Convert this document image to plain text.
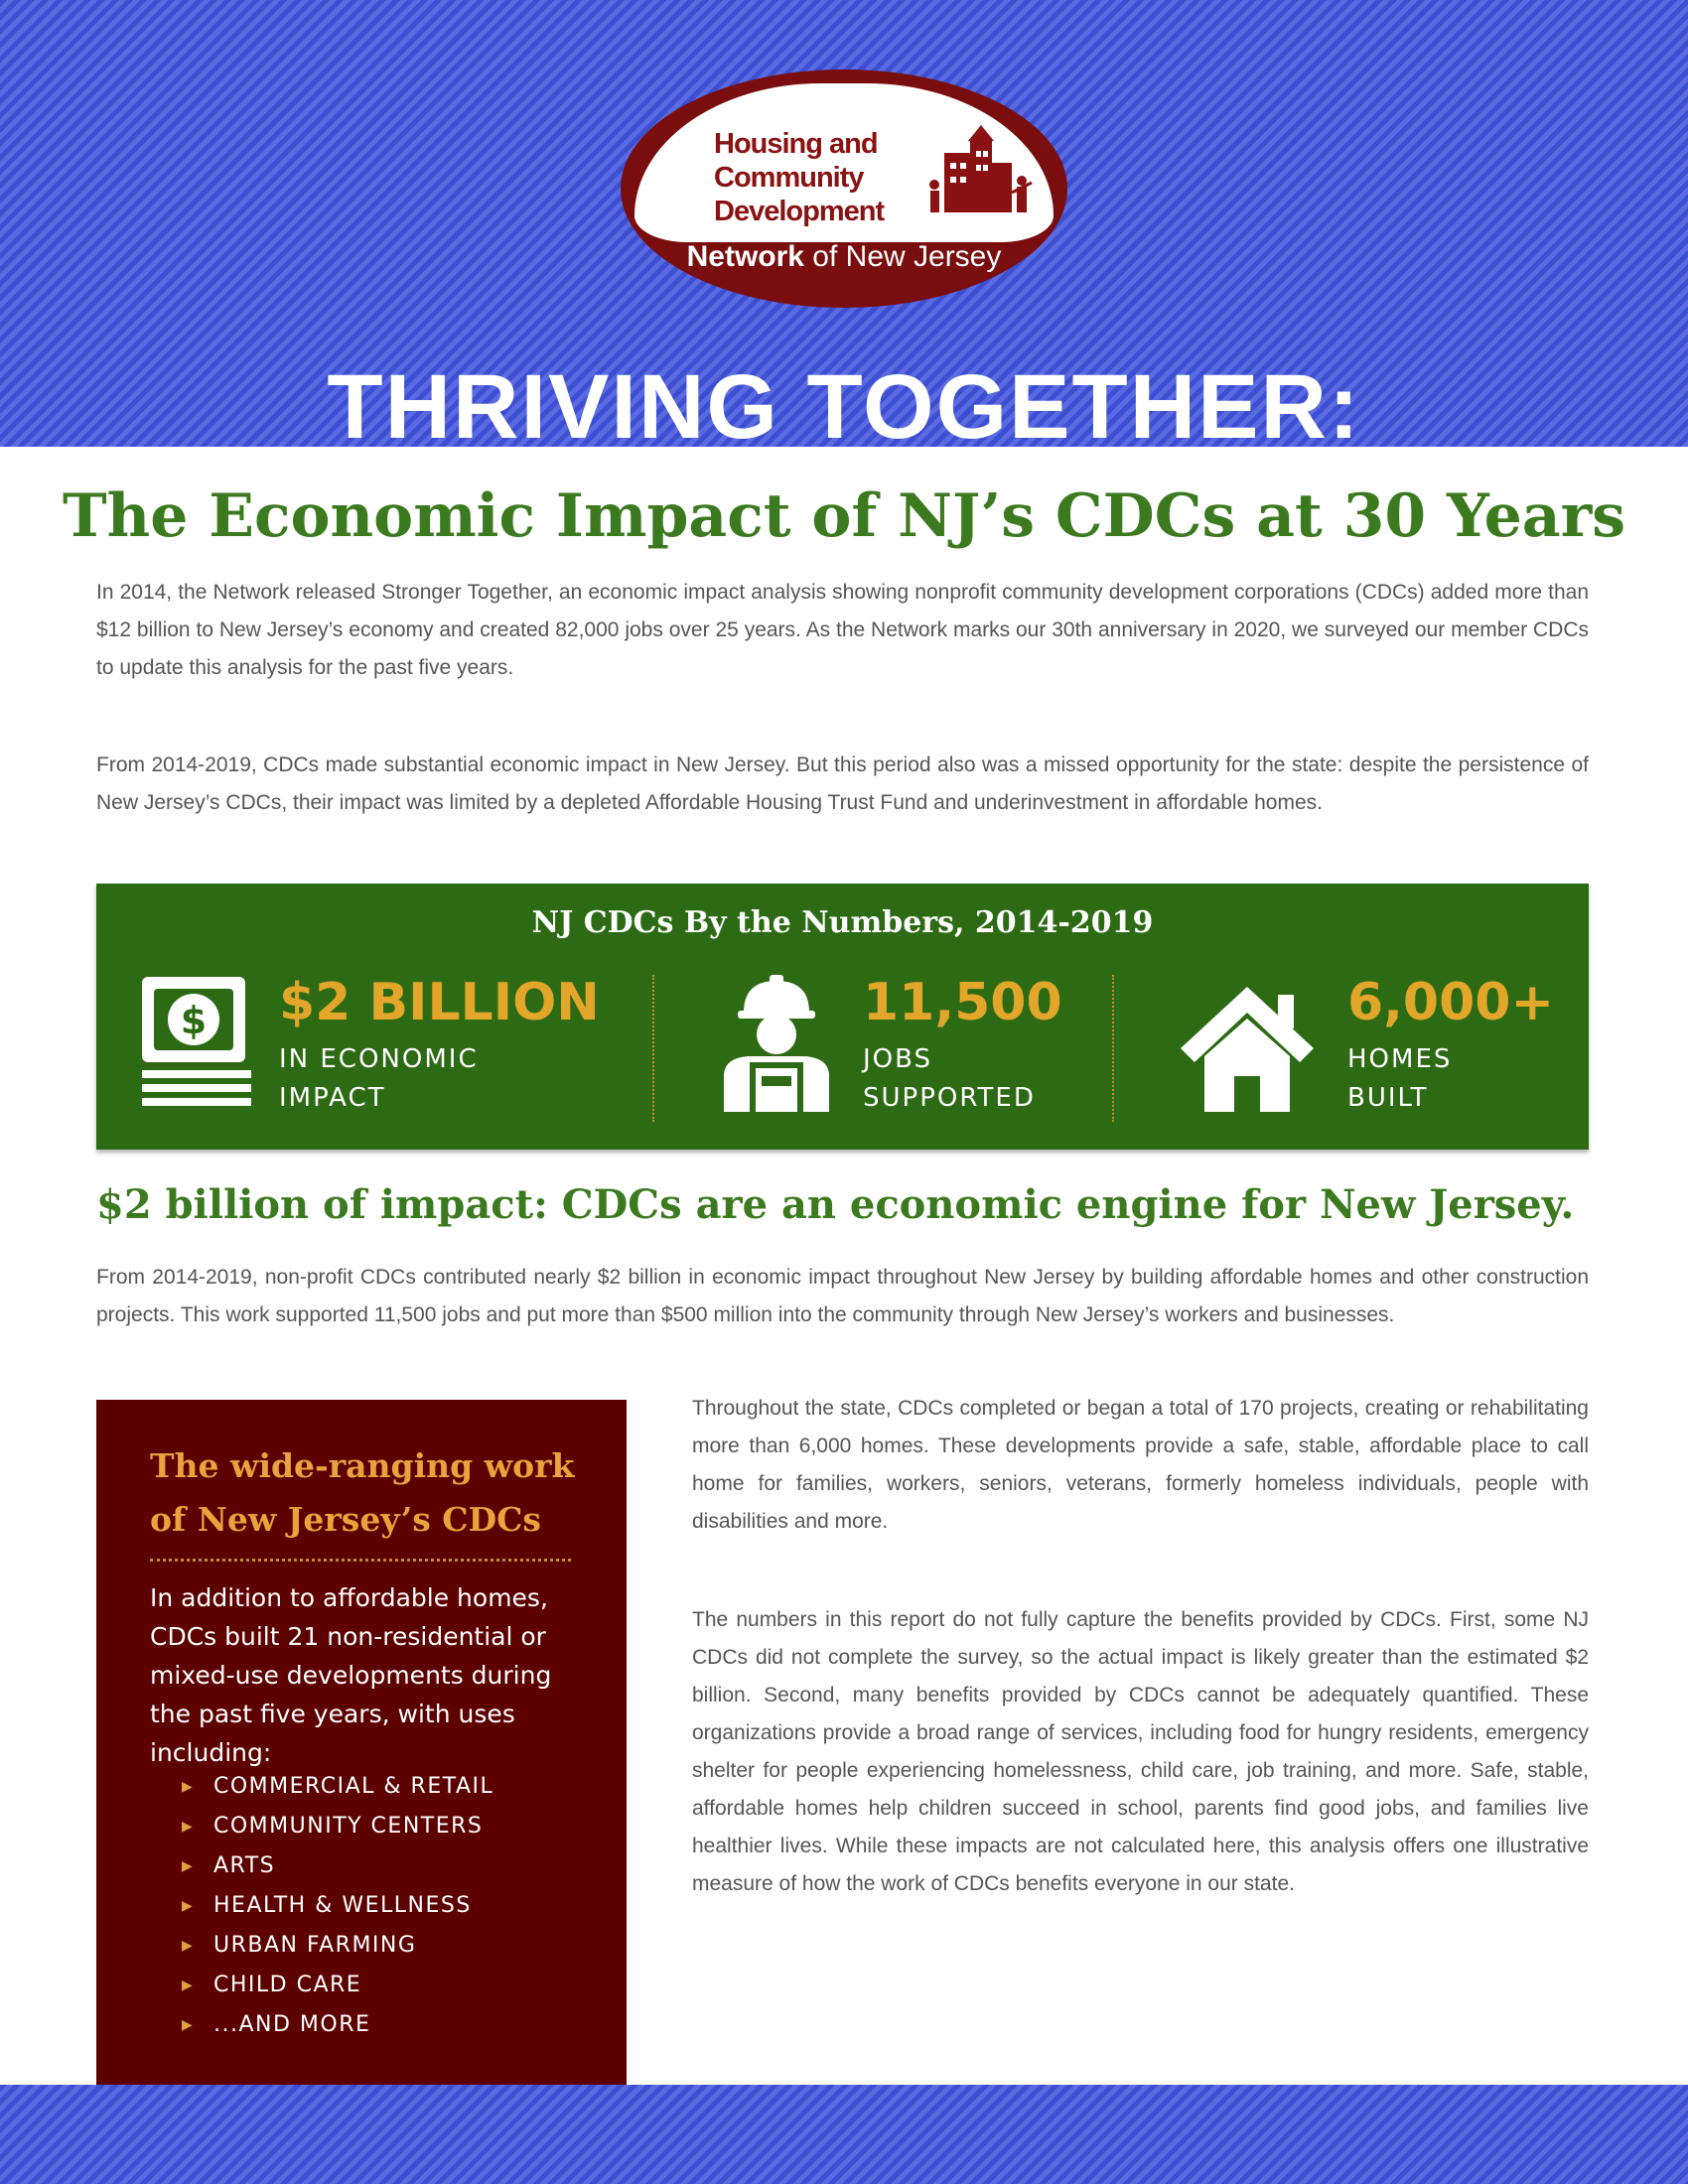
Housing and
Community
Development
Network of New Jersey
THRIVING TOGETHER:
The Economic Impact of NJ’s CDCs at 30 Years
In 2014, the Network released Stronger Together, an economic impact analysis showing nonprofit community development corporations (CDCs) added more than $12 billion to New Jersey’s economy and created 82,000 jobs over 25 years. As the Network marks our 30th anniversary in 2020, we surveyed our member CDCs to update this analysis for the past five years.
From 2014-2019, CDCs made substantial economic impact in New Jersey. But this period also was a missed opportunity for the state: despite the persistence of New Jersey’s CDCs, their impact was limited by a depleted Affordable Housing Trust Fund and underinvestment in affordable homes.
NJ CDCs By the Numbers, 2014-2019
$ $2 BILLION
IN ECONOMIC
IMPACT
11,500
JOBS
SUPPORTED
6,000+
HOMES
BUILT
$2 billion of impact: CDCs are an economic engine for New Jersey.
From 2014-2019, non-profit CDCs contributed nearly $2 billion in economic impact throughout New Jersey by building affordable homes and other construction projects. This work supported 11,500 jobs and put more than $500 million into the community through New Jersey’s workers and businesses.
The wide-ranging work
of New Jersey’s CDCs
In addition to affordable homes, CDCs built 21 non-residential or mixed-use developments during the past five years, with uses including:
▶ COMMERCIAL & RETAIL
▶ COMMUNITY CENTERS
▶ ARTS
▶ HEALTH & WELLNESS
▶ URBAN FARMING
▶ CHILD CARE
▶ ...AND MORE
Throughout the state, CDCs completed or began a total of 170 projects, creating or rehabilitating more than 6,000 homes. These developments provide a safe, stable, affordable place to call home for families, workers, seniors, veterans, formerly homeless individuals, people with disabilities and more.
The numbers in this report do not fully capture the benefits provided by CDCs. First, some NJ CDCs did not complete the survey, so the actual impact is likely greater than the estimated $2 billion. Second, many benefits provided by CDCs cannot be adequately quantified. These organizations provide a broad range of services, including food for hungry residents, emergency shelter for people experiencing homelessness, child care, job training, and more. Safe, stable, affordable homes help children succeed in school, parents find good jobs, and families live healthier lives. While these impacts are not calculated here, this analysis offers one illustrative measure of how the work of CDCs benefits everyone in our state.
